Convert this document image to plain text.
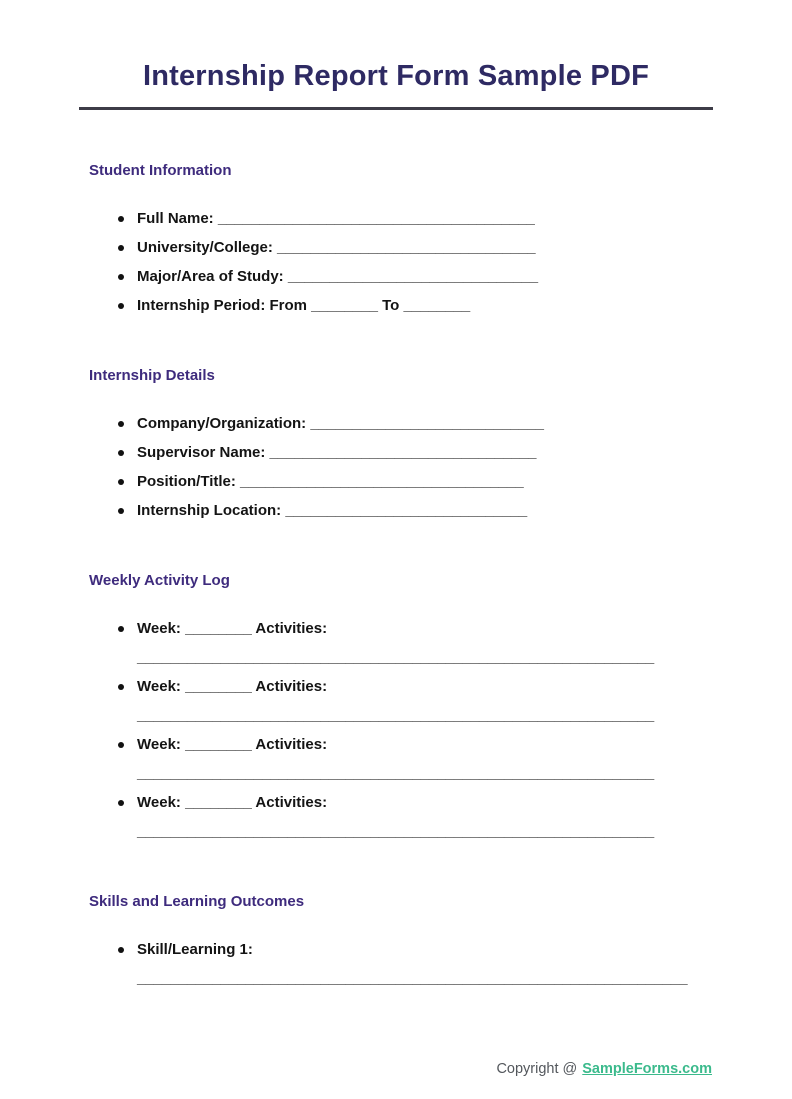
Internship Report Form Sample PDF
Student Information
Full Name: ______________________________________
University/College: _______________________________
Major/Area of Study: ______________________________
Internship Period: From ________ To ________
Internship Details
Company/Organization: ____________________________
Supervisor Name: ________________________________
Position/Title: __________________________________
Internship Location: _____________________________
Weekly Activity Log
Week: ________ Activities:
______________________________________________________________
Week: ________ Activities:
______________________________________________________________
Week: ________ Activities:
______________________________________________________________
Week: ________ Activities:
______________________________________________________________
Skills and Learning Outcomes
Skill/Learning 1:
__________________________________________________________________
Copyright @ SampleForms.com
